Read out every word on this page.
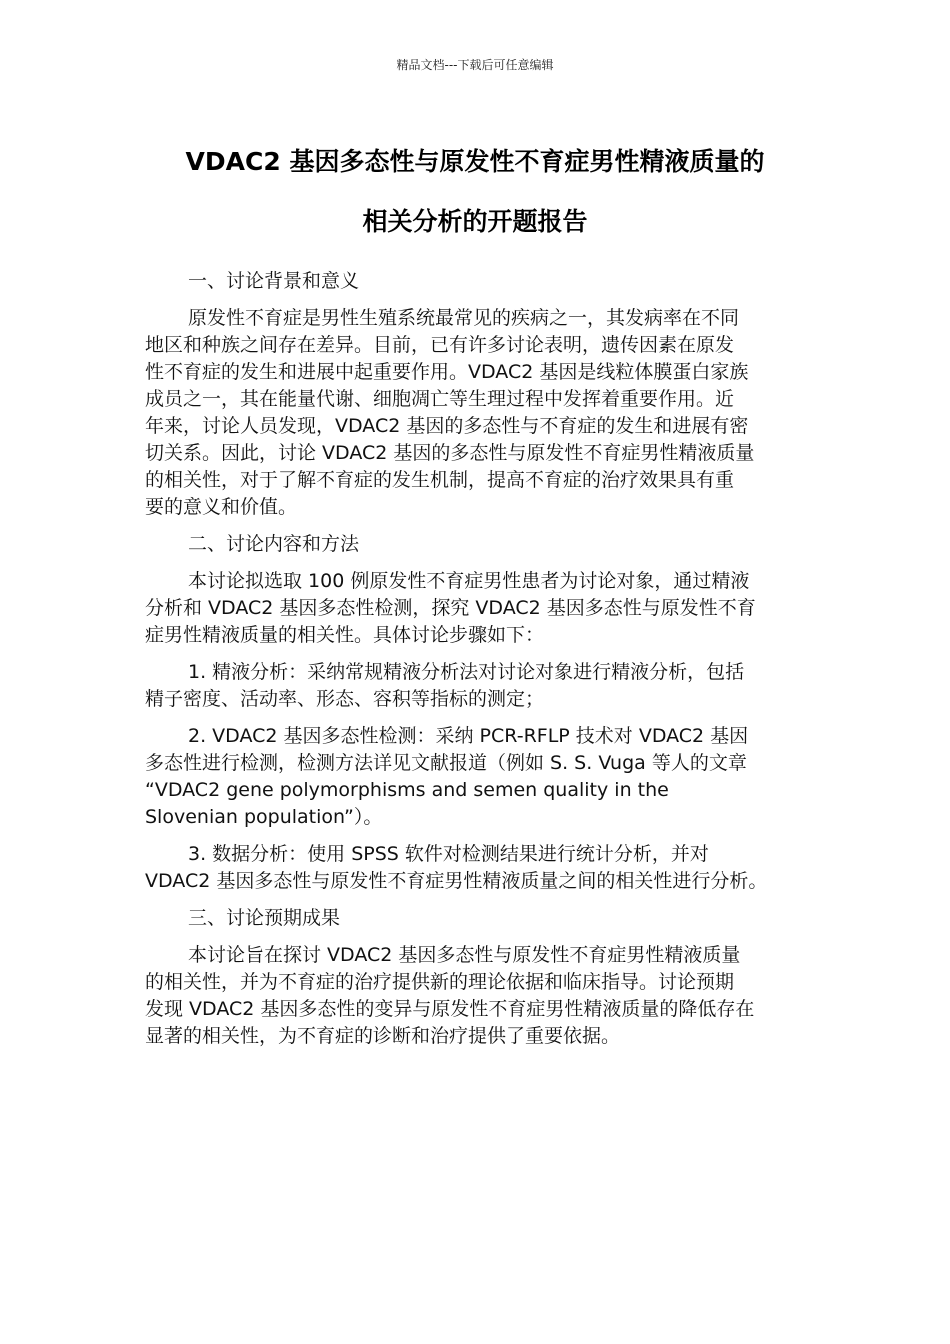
精品文档---下载后可任意编辑
VDAC2 基因多态性与原发性不育症男性精液质量的
相关分析的开题报告
一、讨论背景和意义
原发性不育症是男性生殖系统最常见的疾病之一，其发病率在不同
地区和种族之间存在差异。目前，已有许多讨论表明，遗传因素在原发
性不育症的发生和进展中起重要作用。VDAC2 基因是线粒体膜蛋白家族
成员之一，其在能量代谢、细胞凋亡等生理过程中发挥着重要作用。近
年来，讨论人员发现，VDAC2 基因的多态性与不育症的发生和进展有密
切关系。因此，讨论 VDAC2 基因的多态性与原发性不育症男性精液质量
的相关性，对于了解不育症的发生机制，提高不育症的治疗效果具有重
要的意义和价值。
二、讨论内容和方法
本讨论拟选取 100 例原发性不育症男性患者为讨论对象，通过精液
分析和 VDAC2 基因多态性检测，探究 VDAC2 基因多态性与原发性不育
症男性精液质量的相关性。具体讨论步骤如下：
1. 精液分析：采纳常规精液分析法对讨论对象进行精液分析，包括
精子密度、活动率、形态、容积等指标的测定；
2. VDAC2 基因多态性检测：采纳 PCR-RFLP 技术对 VDAC2 基因
多态性进行检测，检测方法详见文献报道（例如 S. S. Vuga 等人的文章
“VDAC2 gene polymorphisms and semen quality in the
Slovenian population”）。
3. 数据分析：使用 SPSS 软件对检测结果进行统计分析，并对
VDAC2 基因多态性与原发性不育症男性精液质量之间的相关性进行分析。
三、讨论预期成果
本讨论旨在探讨 VDAC2 基因多态性与原发性不育症男性精液质量
的相关性，并为不育症的治疗提供新的理论依据和临床指导。讨论预期
发现 VDAC2 基因多态性的变异与原发性不育症男性精液质量的降低存在
显著的相关性，为不育症的诊断和治疗提供了重要依据。
